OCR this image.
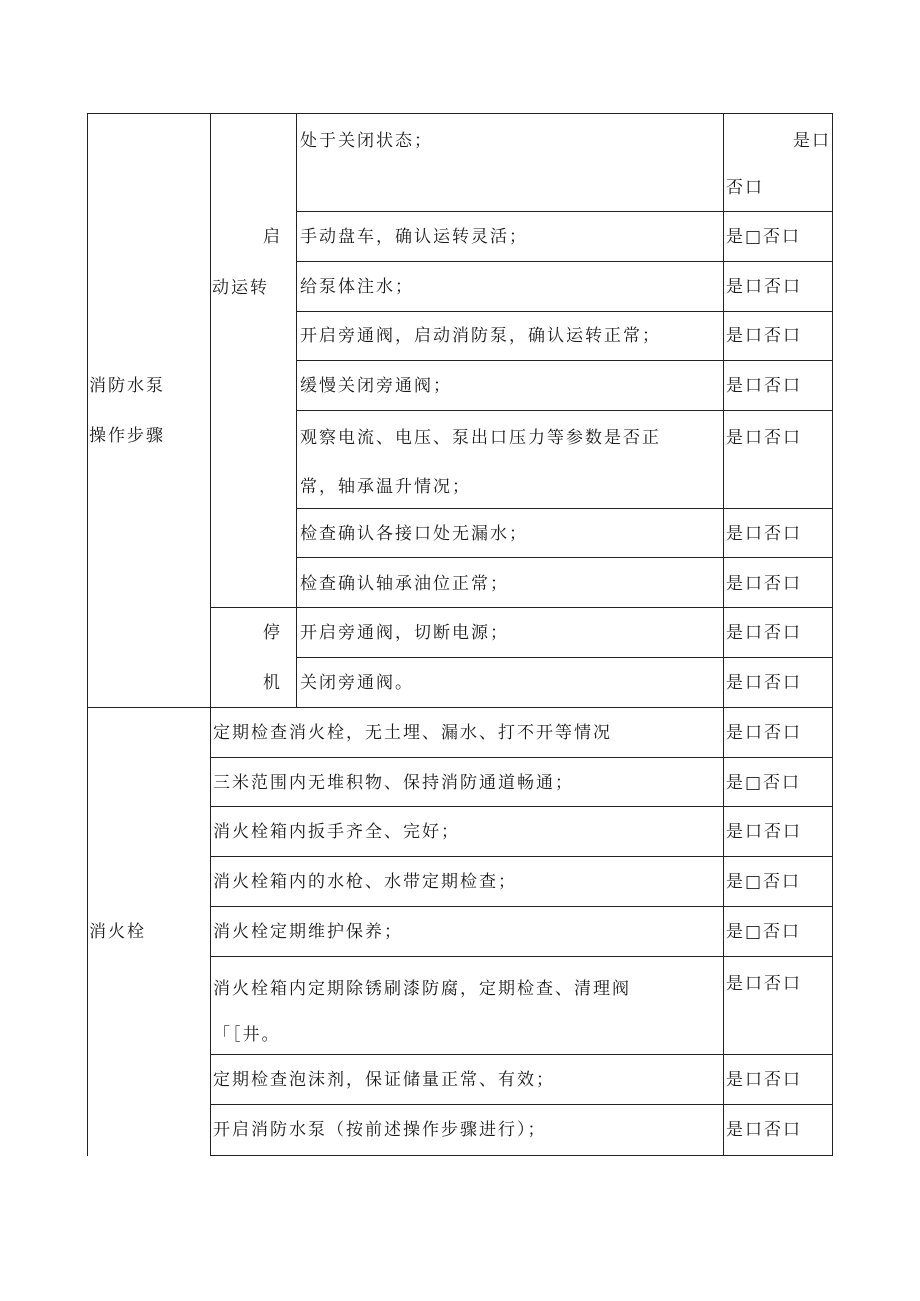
消防水泵
操作步骤
启
动运转
停
机
处于关闭状态；
手动盘车，确认运转灵活；
给泵体注水；
开启旁通阀，启动消防泵，确认运转正常；
缓慢关闭旁通阀；
观察电流、电压、泵出口压力等参数是否正
常，轴承温升情况；
检查确认各接口处无漏水；
检查确认轴承油位正常；
开启旁通阀，切断电源；
关闭旁通阀。
是口
否口
是□否口
是口否口
是口否口
是口否口
是口否口
是口否口
是口否口
是口否口
是口否口
消火栓
定期检查消火栓，无土埋、漏水、打不开等情况
三米范围内无堆积物、保持消防通道畅通；
消火栓箱内扳手齐全、完好；
消火栓箱内的水枪、水带定期检查；
消火栓定期维护保养；
消火栓箱内定期除锈刷漆防腐，定期检查、清理阀
「［井。
定期检查泡沫剂，保证储量正常、有效；
开启消防水泵（按前述操作步骤进行）；
是口否口
是□否口
是口否口
是□否口
是□否口
是口否口
是口否口
是口否口
